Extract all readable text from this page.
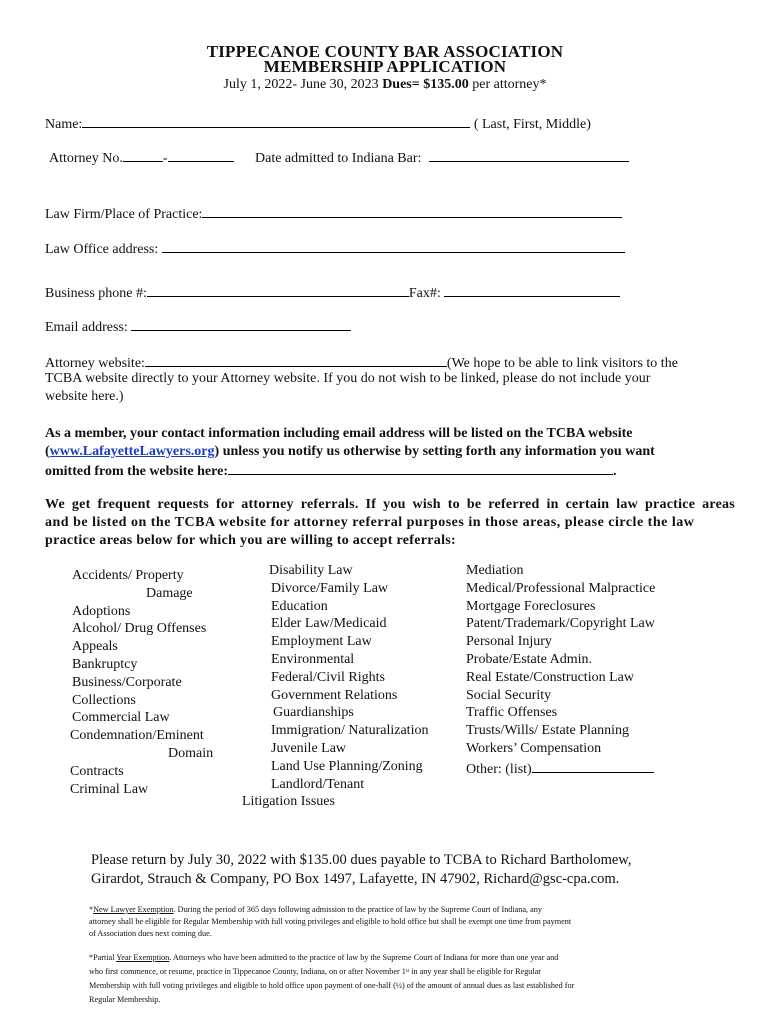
TIPPECANOE COUNTY BAR ASSOCIATION
MEMBERSHIP APPLICATION
July 1, 2022- June 30, 2023 Dues= $135.00 per attorney*
Name:	( Last, First, Middle)
Attorney No.	-	Date admitted to Indiana Bar:
Law Firm/Place of Practice:
Law Office address:
Business phone #:	Fax#:
Email address:
Attorney website:	(We hope to be able to link visitors to the
TCBA website directly to your Attorney website. If you do not wish to be linked, please do not include your
website here.)
As a member, your contact information including email address will be listed on the TCBA website
(www.LafayetteLawyers.org) unless you notify us otherwise by setting forth any information you want
omitted from the website here:	.
We get frequent requests for attorney referrals. If you wish to be referred in certain law practice areas
and be listed on the TCBA website for attorney referral purposes in those areas, please circle the law
practice areas below for which you are willing to accept referrals:
Accidents/ Property
Damage
Adoptions
Alcohol/ Drug Offenses
Appeals
Bankruptcy
Business/Corporate
Collections
Commercial Law
Condemnation/Eminent
Domain
Contracts
Criminal Law
Disability Law
Divorce/Family Law
Education
Elder Law/Medicaid
Employment Law
Environmental
Federal/Civil Rights
Government Relations
Guardianships
Immigration/ Naturalization
Juvenile Law
Land Use Planning/Zoning
Landlord/Tenant
Litigation Issues
Mediation
Medical/Professional Malpractice
Mortgage Foreclosures
Patent/Trademark/Copyright Law
Personal Injury
Probate/Estate Admin.
Real Estate/Construction Law
Social Security
Traffic Offenses
Trusts/Wills/ Estate Planning
Workers’ Compensation
Other: (list)
Please return by July 30, 2022 with $135.00 dues payable to TCBA to Richard Bartholomew,
Girardot, Strauch & Company, PO Box 1497, Lafayette, IN 47902, Richard@gsc-cpa.com.
*New Lawyer Exemption. During the period of 365 days following admission to the practice of law by the Supreme Court of Indiana, any
attorney shall be eligible for Regular Membership with full voting privileges and eligible to hold office but shall be exempt one time from payment
of Association dues next coming due.
*Partial Year Exemption. Attorneys who have been admitted to the practice of law by the Supreme Court of Indiana for more than one year and
who first commence, or resume, practice in Tippecanoe County, Indiana, on or after November 1ˢᵗ in any year shall be eligible for Regular
Membership with full voting privileges and eligible to hold office upon payment of one-half (½) of the amount of annual dues as last established for
Regular Membership.
